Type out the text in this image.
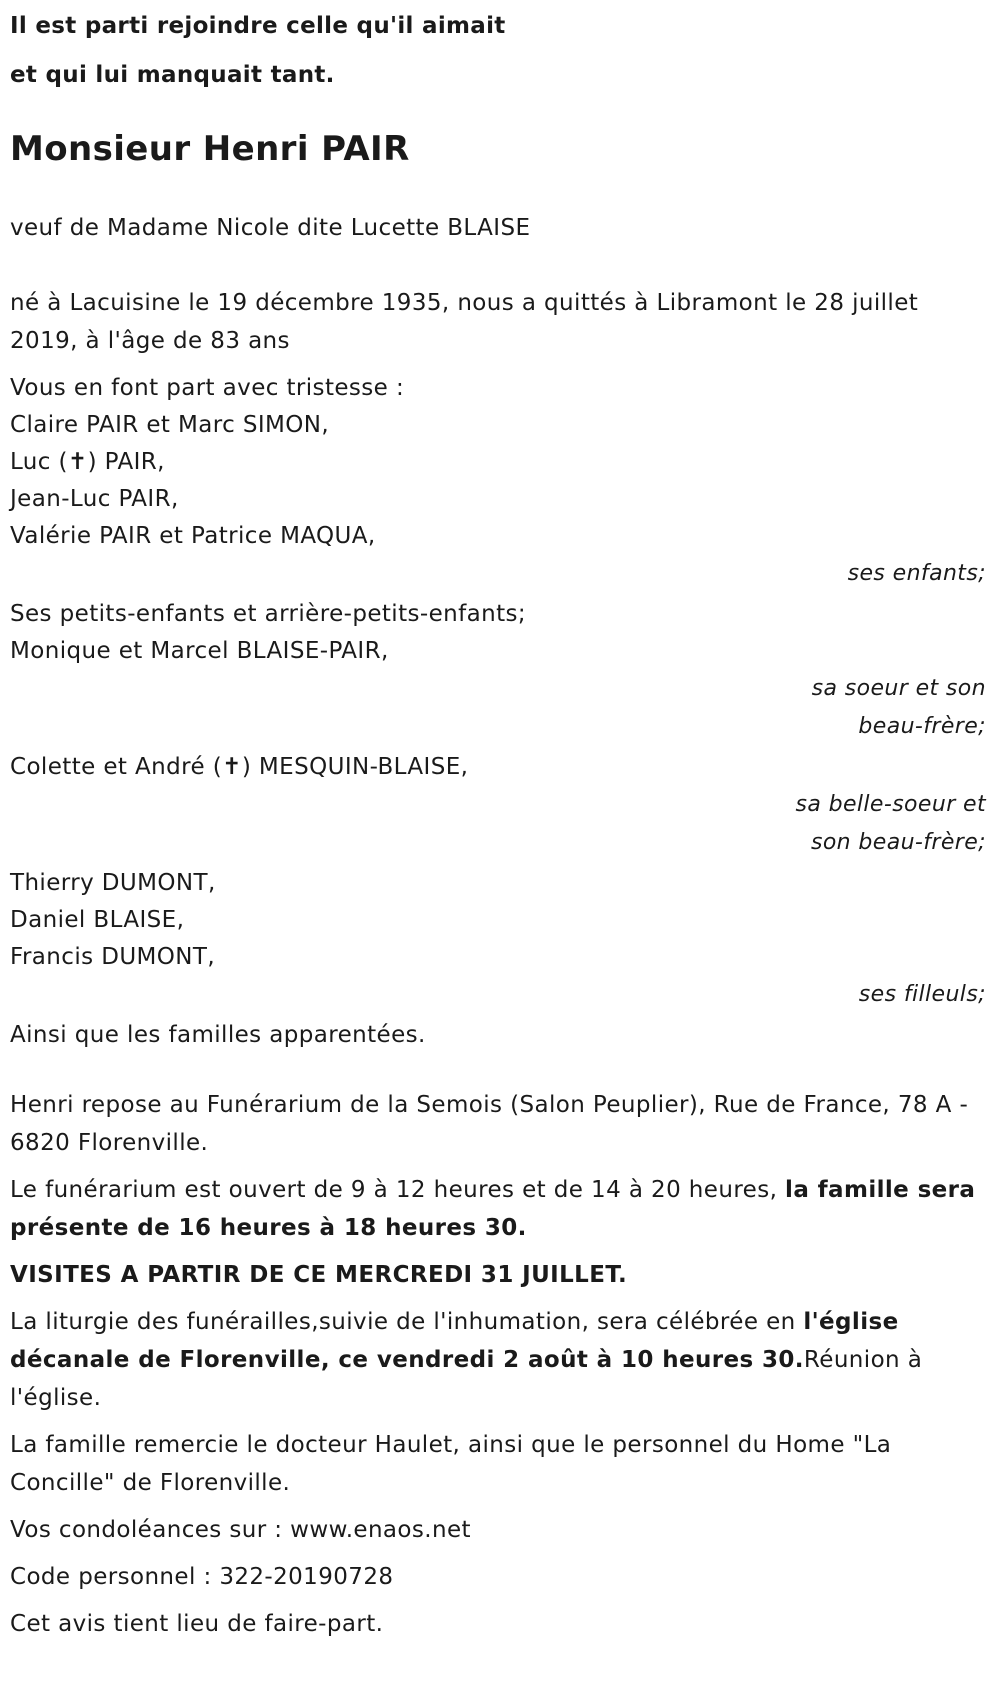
Il est parti rejoindre celle qu'il aimait
et qui lui manquait tant.
Monsieur Henri PAIR

veuf de Madame Nicole dite Lucette BLAISE

né à Lacuisine le 19 décembre 1935, nous a quittés à Libramont le 28 juillet 2019, à l'âge de 83 ans

Vous en font part avec tristesse :

Claire PAIR et Marc SIMON,
Luc (✝) PAIR,
Jean-Luc PAIR,
Valérie PAIR et Patrice MAQUA,
ses enfants;
Ses petits-enfants et arrière-petits-enfants;
Monique et Marcel BLAISE-PAIR,
sa soeur et son
beau-frère;
Colette et André (✝) MESQUIN-BLAISE,
sa belle-soeur et
son beau-frère;
Thierry DUMONT,
Daniel BLAISE,
Francis DUMONT,
ses filleuls;
Ainsi que les familles apparentées.

Henri repose au Funérarium de la Semois (Salon Peuplier), Rue de France, 78 A - 6820 Florenville.

Le funérarium est ouvert de 9 à 12 heures et de 14 à 20 heures, la famille sera présente de 16 heures à 18 heures 30.

VISITES A PARTIR DE CE MERCREDI 31 JUILLET.

La liturgie des funérailles,suivie de l'inhumation, sera célébrée en l'église décanale de Florenville, ce vendredi 2 août à 10 heures 30.Réunion à l'église.

La famille remercie le docteur Haulet, ainsi que le personnel du Home "La Concille" de Florenville.

Vos condoléances sur : www.enaos.net

Code personnel : 322-20190728

Cet avis tient lieu de faire-part.
